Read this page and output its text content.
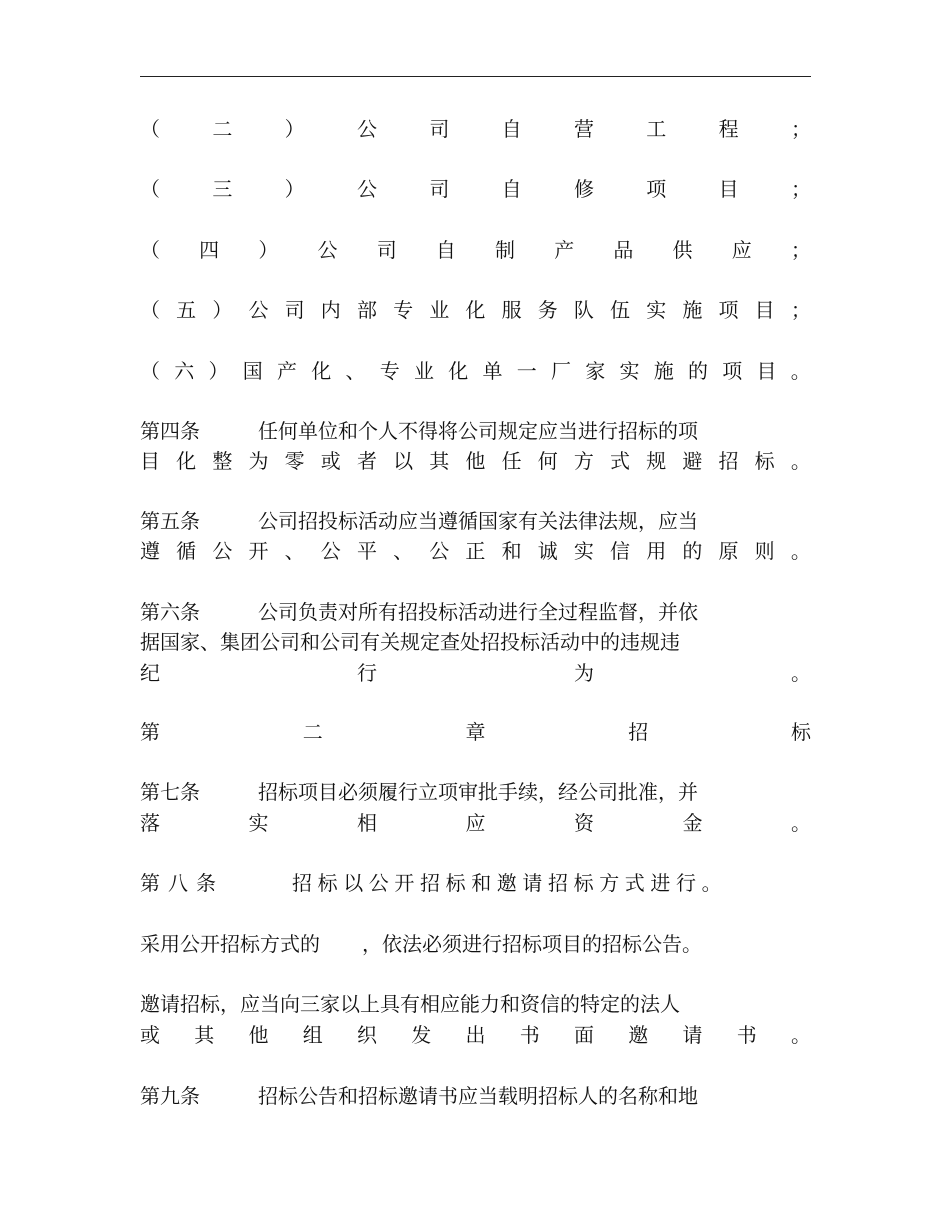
（	二	）	公	司	自	营	工	程	；
（	三	）	公	司	自	修	项	目	；
（ 四 ） 公 司 自 制 产 品 供 应 ；
（ 五 ） 公 司 内 部 专 业 化 服 务 队 伍 实 施 项 目 ；
（ 六 ） 国 产 化 、 专 业 化 单 一 厂 家 实 施 的 项 目 。
第四条	任何单位和个人不得将公司规定应当进行招标的项
目 化 整 为 零 或 者 以 其 他 任 何 方 式 规 避 招 标 。
第五条	公司招投标活动应当遵循国家有关法律法规，应当
遵 循 公 开 、 公 平 、 公 正 和 诚 实 信 用 的 原 则 。
第六条	公司负责对所有招投标活动进行全过程监督，并依
据国家、集团公司和公司有关规定查处招投标活动中的违规违
纪	行	为	。
第	二	章	招	标
第七条	招标项目必须履行立项审批手续，经公司批准，并
落	实	相	应	资	金	。
第八条	招标以公开招标和邀请招标方式进行。
采用公开招标方式的 ，依法必须进行招标项目的招标公告。
邀请招标，应当向三家以上具有相应能力和资信的特定的法人
或 其 他 组 织 发 出 书 面 邀 请 书 。
第九条	招标公告和招标邀请书应当载明招标人的名称和地
